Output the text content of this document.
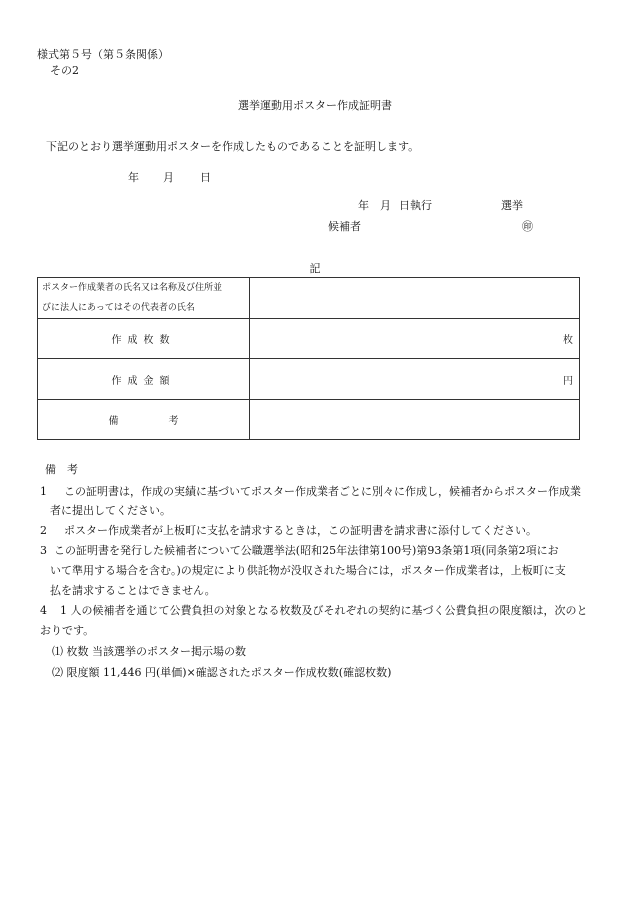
様式第５号（第５条関係）
その2
選挙運動用ポスター作成証明書
下記のとおり選挙運動用ポスターを作成したものであることを証明します。
年 月 日
年 月 日執行	選挙
候補者	㊞
記
ポスター作成業者の氏名又は名称及び住所並
びに法人にあってはその代表者の氏名	

作成枚数	枚
作成金額	円
備考	
備　考
1 この証明書は，作成の実績に基づいてポスター作成業者ごとに別々に作成し，候補者からポスター作成業
者に提出してください。
2 ポスター作成業者が上板町に支払を請求するときは，この証明書を請求書に添付してください。
3 この証明書を発行した候補者について公職選挙法(昭和25年法律第100号)第93条第1項(同条第2項にお
いて準用する場合を含む。)の規定により供託物が没収された場合には，ポスター作成業者は，上板町に支
払を請求することはできません。
4 1 人の候補者を通じて公費負担の対象となる枚数及びそれぞれの契約に基づく公費負担の限度額は，次のと
おりです。
⑴ 枚数 当該選挙のポスター掲示場の数
⑵ 限度額 11,446 円(単価)×確認されたポスター作成枚数(確認枚数)
